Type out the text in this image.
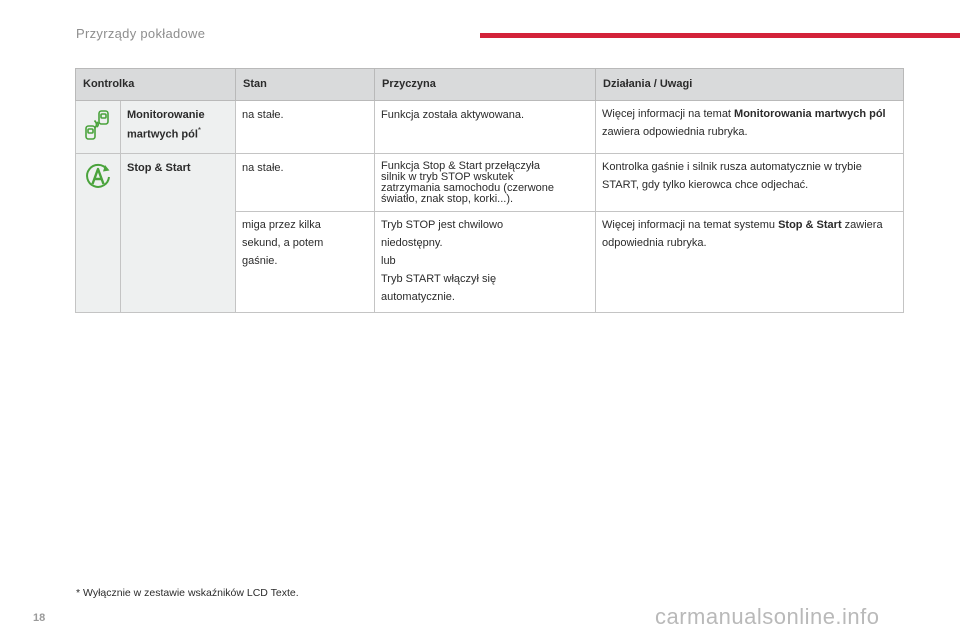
Przyrządy pokładowe
Kontrolka		Stan	Przyczyna	Działania / Uwagi
	Monitorowanie
martwych pól*	na stałe.	Funkcja została aktywowana.	Więcej informacji na temat Monitorowania martwych pól zawiera odpowiednia rubryka.
	Stop & Start	na stałe.	Funkcja Stop & Start przełączyła
silnik w tryb STOP wskutek
zatrzymania samochodu (czerwone
światło, znak stop, korki...).	Kontrolka gaśnie i silnik rusza automatycznie w trybie START, gdy tylko kierowca chce odjechać.
		miga przez kilka
sekund, a potem
gaśnie.	Tryb STOP jest chwilowo
niedostępny.
lub
Tryb START włączył się
automatycznie.	Więcej informacji na temat systemu Stop & Start zawiera odpowiednia rubryka.
* Wyłącznie w zestawie wskaźników LCD Texte.
18	carmanualsonline.info
